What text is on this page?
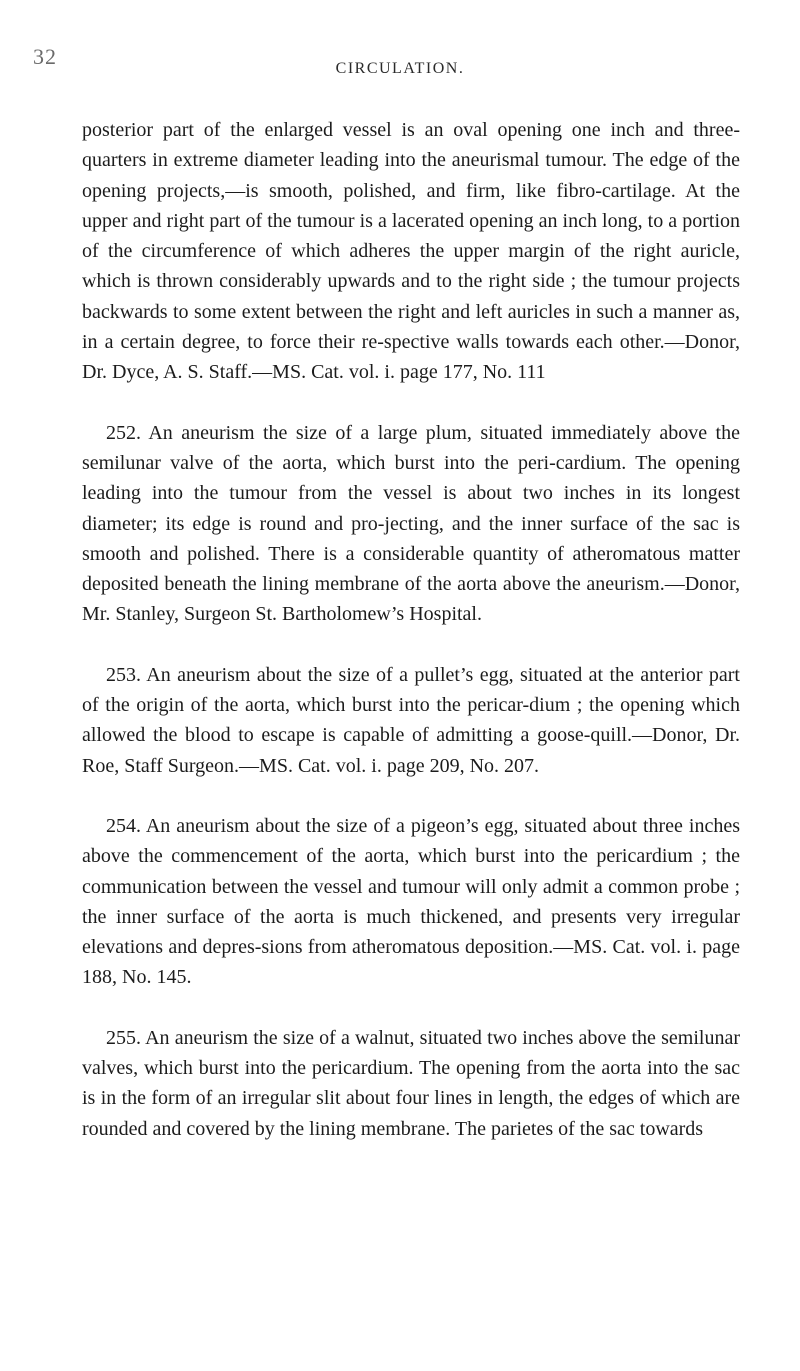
32	CIRCULATION.

posterior part of the enlarged vessel is an oval opening one inch and three-quarters in extreme diameter leading into the aneurismal tumour. The edge of the opening projects,—is smooth, polished, and firm, like fibro-cartilage. At the upper and right part of the tumour is a lacerated opening an inch long, to a portion of the circumference of which adheres the upper margin of the right auricle, which is thrown considerably upwards and to the right side ; the tumour projects backwards to some extent between the right and left auricles in such a manner as, in a certain degree, to force their re-spective walls towards each other.—Donor, Dr. Dyce, A. S. Staff.—MS. Cat. vol. i. page 177, No. 111

252. An aneurism the size of a large plum, situated immediately above the semilunar valve of the aorta, which burst into the peri-cardium. The opening leading into the tumour from the vessel is about two inches in its longest diameter; its edge is round and pro-jecting, and the inner surface of the sac is smooth and polished. There is a considerable quantity of atheromatous matter deposited beneath the lining membrane of the aorta above the aneurism.—Donor, Mr. Stanley, Surgeon St. Bartholomew’s Hospital.

253. An aneurism about the size of a pullet’s egg, situated at the anterior part of the origin of the aorta, which burst into the pericar-dium ; the opening which allowed the blood to escape is capable of admitting a goose-quill.—Donor, Dr. Roe, Staff Surgeon.—MS. Cat. vol. i. page 209, No. 207.

254. An aneurism about the size of a pigeon’s egg, situated about three inches above the commencement of the aorta, which burst into the pericardium ; the communication between the vessel and tumour will only admit a common probe ; the inner surface of the aorta is much thickened, and presents very irregular elevations and depres-sions from atheromatous deposition.—MS. Cat. vol. i. page 188, No. 145.

255. An aneurism the size of a walnut, situated two inches above the semilunar valves, which burst into the pericardium. The opening from the aorta into the sac is in the form of an irregular slit about four lines in length, the edges of which are rounded and covered by the lining membrane. The parietes of the sac towards
